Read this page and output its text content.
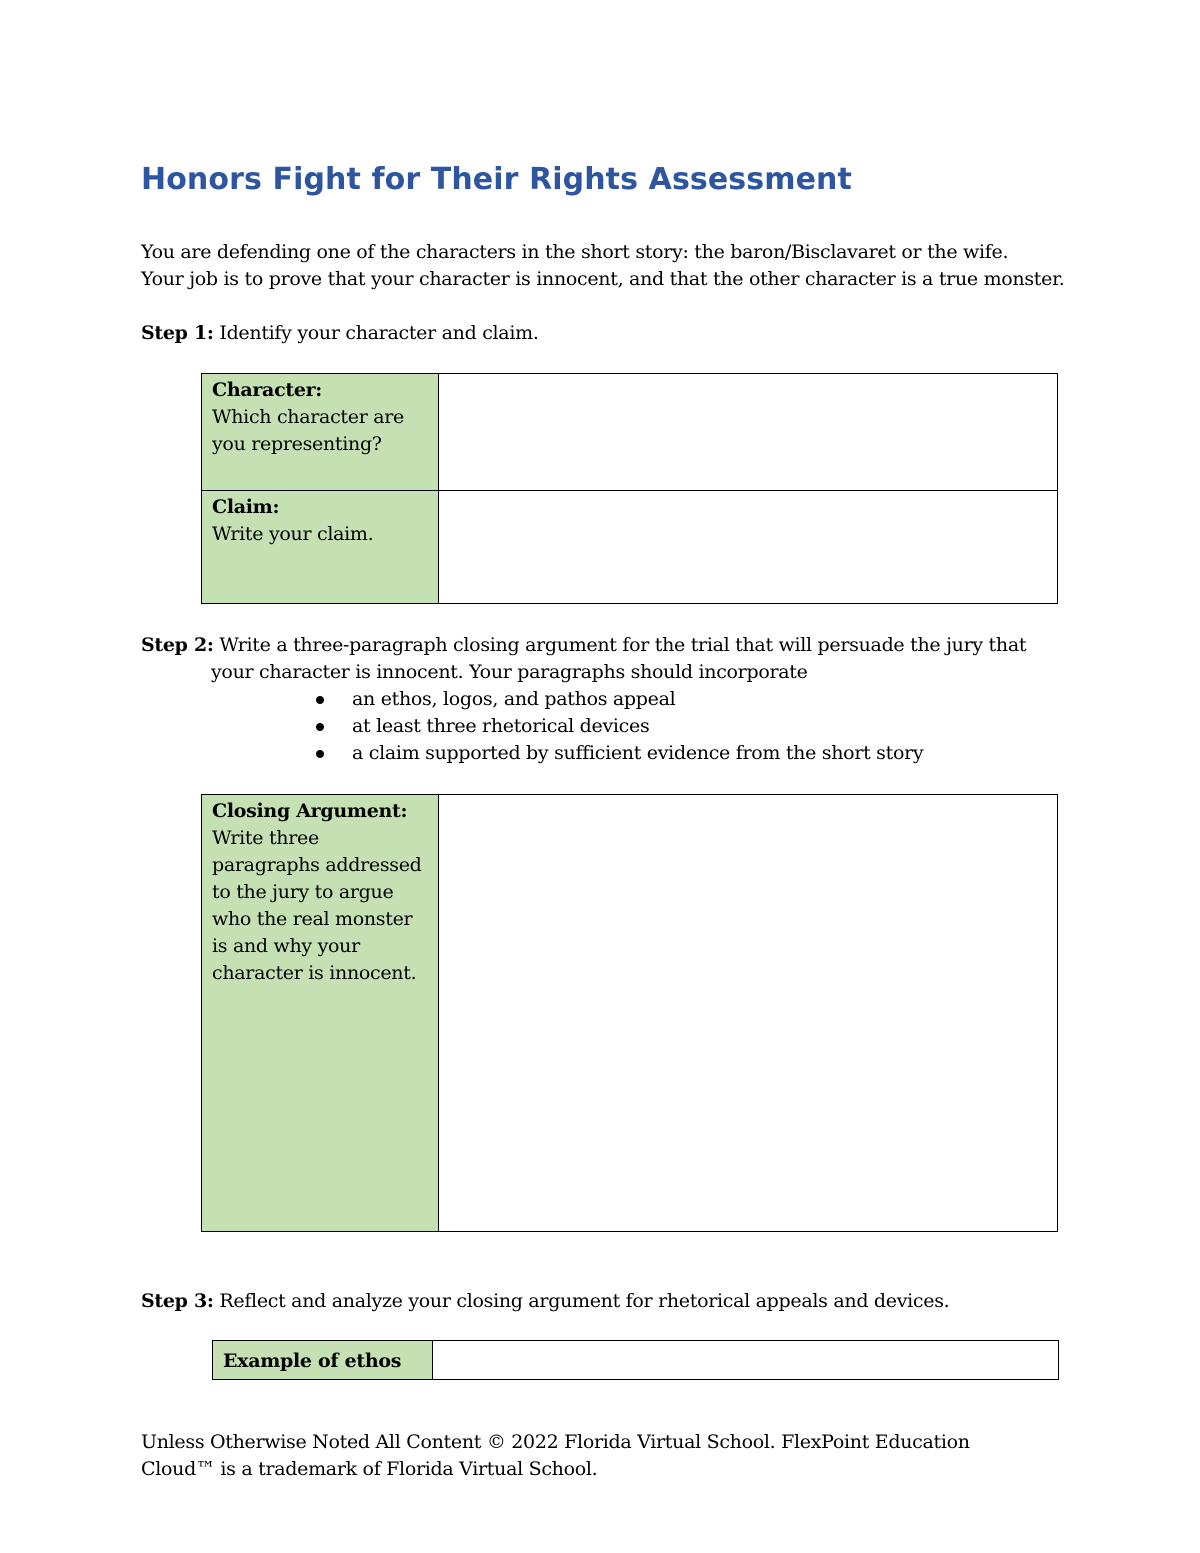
Honors Fight for Their Rights Assessment

You are defending one of the characters in the short story: the baron/Bisclavaret or the wife.

Your job is to prove that your character is innocent, and that the other character is a true monster.

Step 1: Identify your character and claim.
Character:
Which character are you representing?	

Claim:
Write your claim.	

Step 2: Write a three-paragraph closing argument for the trial that will persuade the jury that
your character is innocent. Your paragraphs should incorporate
an ethos, logos, and pathos appeal
at least three rhetorical devices
a claim supported by sufficient evidence from the short story
Closing Argument:
Write three paragraphs addressed to the jury to argue who the real monster is and why your character is innocent.

Step 3: Reflect and analyze your closing argument for rhetorical appeals and devices.
Example of ethos	

Unless Otherwise Noted All Content © 2022 Florida Virtual School. FlexPoint Education

Cloud™ is a trademark of Florida Virtual School.
